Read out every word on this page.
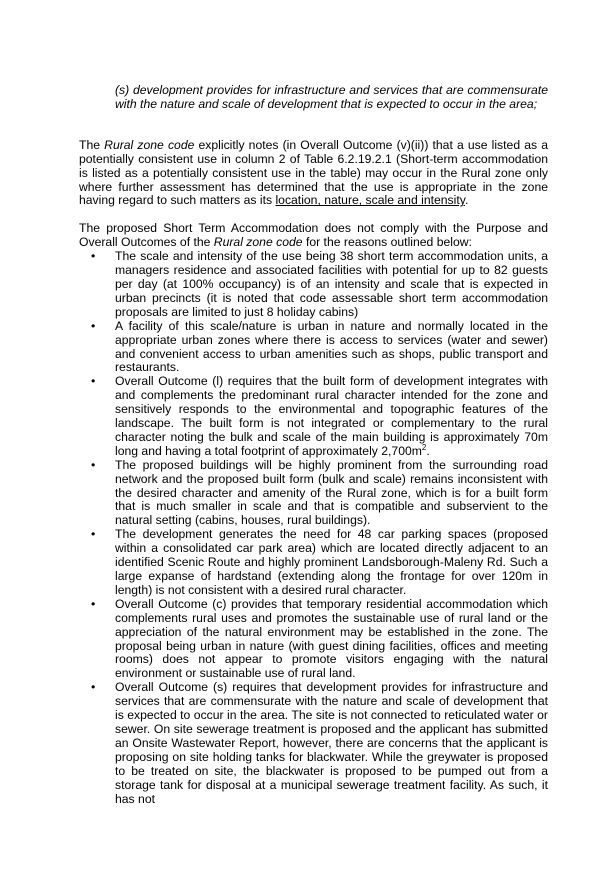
(s) development provides for infrastructure and services that are commensurate with the nature and scale of development that is expected to occur in the area;

The Rural zone code explicitly notes (in Overall Outcome (v)(ii)) that a use listed as a potentially consistent use in column 2 of Table 6.2.19.2.1 (Short-term accommodation is listed as a potentially consistent use in the table) may occur in the Rural zone only where further assessment has determined that the use is appropriate in the zone having regard to such matters as its location, nature, scale and intensity.

The proposed Short Term Accommodation does not comply with the Purpose and Overall Outcomes of the Rural zone code for the reasons outlined below:

• The scale and intensity of the use being 38 short term accommodation units, a managers residence and associated facilities with potential for up to 82 guests per day (at 100% occupancy) is of an intensity and scale that is expected in urban precincts (it is noted that code assessable short term accommodation proposals are limited to just 8 holiday cabins)
• A facility of this scale/nature is urban in nature and normally located in the appropriate urban zones where there is access to services (water and sewer) and convenient access to urban amenities such as shops, public transport and restaurants.
• Overall Outcome (l) requires that the built form of development integrates with and complements the predominant rural character intended for the zone and sensitively responds to the environmental and topographic features of the landscape. The built form is not integrated or complementary to the rural character noting the bulk and scale of the main building is approximately 70m long and having a total footprint of approximately $2,700m^2$.
• The proposed buildings will be highly prominent from the surrounding road network and the proposed built form (bulk and scale) remains inconsistent with the desired character and amenity of the Rural zone, which is for a built form that is much smaller in scale and that is compatible and subservient to the natural setting (cabins, houses, rural buildings).
• The development generates the need for 48 car parking spaces (proposed within a consolidated car park area) which are located directly adjacent to an identified Scenic Route and highly prominent Landsborough-Maleny Rd. Such a large expanse of hardstand (extending along the frontage for over 120m in length) is not consistent with a desired rural character.
• Overall Outcome (c) provides that temporary residential accommodation which complements rural uses and promotes the sustainable use of rural land or the appreciation of the natural environment may be established in the zone. The proposal being urban in nature (with guest dining facilities, offices and meeting rooms) does not appear to promote visitors engaging with the natural environment or sustainable use of rural land.
• Overall Outcome (s) requires that development provides for infrastructure and services that are commensurate with the nature and scale of development that is expected to occur in the area. The site is not connected to reticulated water or sewer. On site sewerage treatment is proposed and the applicant has submitted an Onsite Wastewater Report, however, there are concerns that the applicant is proposing on site holding tanks for blackwater. While the greywater is proposed to be treated on site, the blackwater is proposed to be pumped out from a storage tank for disposal at a municipal sewerage treatment facility. As such, it has not
